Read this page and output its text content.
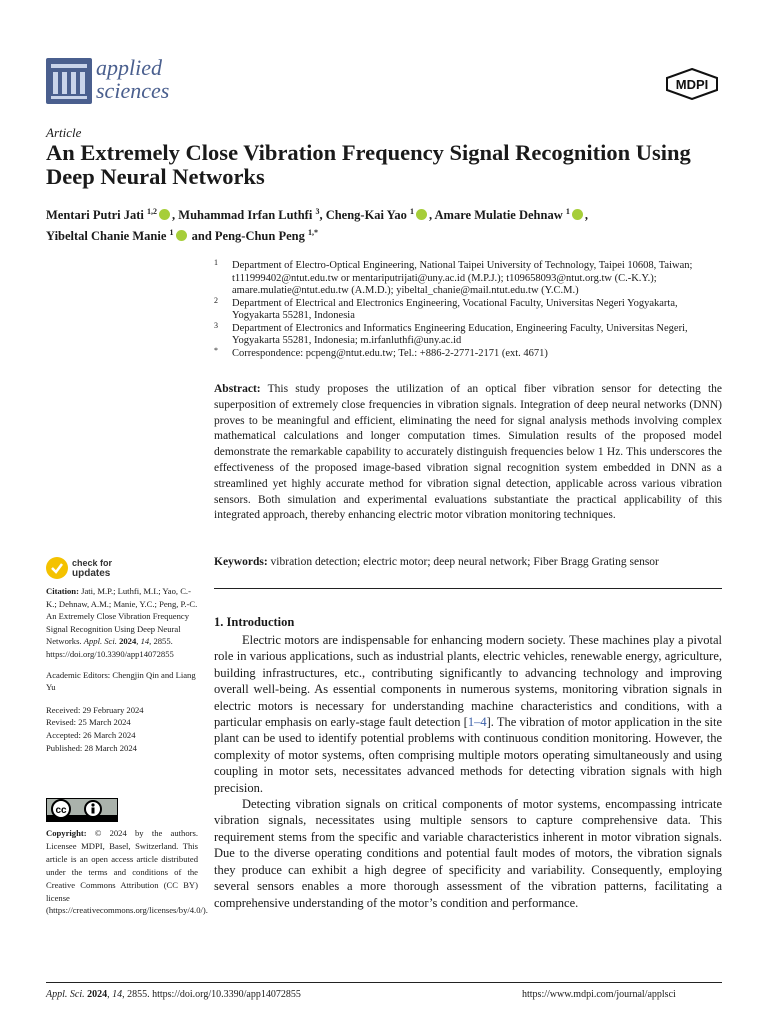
applied
sciences	MDPI
Article
An Extremely Close Vibration Frequency Signal Recognition Using Deep Neural Networks
Mentari Putri Jati $^{1,2}$ , Muhammad Irfan Luthfi $^3$, Cheng-Kai Yao $^1$ , Amare Mulatie Dehnaw $^1$ ,
Yibeltal Chanie Manie $^1$ and Peng-Chun Peng $^{1,*}$
1 Department of Electro-Optical Engineering, National Taipei University of Technology, Taipei 10608, Taiwan; t111999402@ntut.edu.tw or mentariputrijati@uny.ac.id (M.P.J.); t109658093@ntut.org.tw (C.-K.Y.); amare.mulatie@ntut.edu.tw (A.M.D.); yibeltal_chanie@mail.ntut.edu.tw (Y.C.M.)
2 Department of Electrical and Electronics Engineering, Vocational Faculty, Universitas Negeri Yogyakarta, Yogyakarta 55281, Indonesia
3 Department of Electronics and Informatics Engineering Education, Engineering Faculty, Universitas Negeri, Yogyakarta 55281, Indonesia; m.irfanluthfi@uny.ac.id
* Correspondence: pcpeng@ntut.edu.tw; Tel.: +886-2-2771-2171 (ext. 4671)

Abstract: This study proposes the utilization of an optical fiber vibration sensor for detecting the superposition of extremely close frequencies in vibration signals. Integration of deep neural networks (DNN) proves to be meaningful and efficient, eliminating the need for signal analysis methods involving complex mathematical calculations and longer computation times. Simulation results of the proposed model demonstrate the remarkable capability to accurately distinguish frequencies below 1 Hz. This underscores the effectiveness of the proposed image-based vibration signal recognition system embedded in DNN as a streamlined yet highly accurate method for vibration signal detection, applicable across various vibration sensors. Both simulation and experimental evaluations substantiate the practical applicability of this integrated approach, thereby enhancing electric motor vibration monitoring techniques.

Keywords: vibration detection; electric motor; deep neural network; Fiber Bragg Grating sensor
1. Introduction

Electric motors are indispensable for enhancing modern society. These machines play a pivotal role in various applications, such as industrial plants, electric vehicles, renewable energy, agriculture, building infrastructures, etc., contributing significantly to advancing technology and improving overall well-being. As essential components in numerous systems, monitoring vibration signals in electric motors is necessary for understanding machine characteristics and conditions, with a particular emphasis on early-stage fault detection [1–4]. The vibration of motor application in the site plant can be used to identify potential problems with continuous condition monitoring. However, the complexity of motor systems, often comprising multiple motors operating simultaneously and using coupling in motor sets, necessitates advanced methods for detecting vibration signals with high precision.

Detecting vibration signals on critical components of motor systems, encompassing intricate vibration signals, necessitates using multiple sensors to capture comprehensive data. This requirement stems from the specific and variable characteristics inherent in motor vibration signals. Due to the diverse operating conditions and potential fault modes of motors, the vibration signals they produce can exhibit a high degree of specificity and variability. Consequently, employing several sensors enables a more thorough assessment of the vibration patterns, facilitating a comprehensive understanding of the motor’s condition and performance.

check for
updates

Citation: Jati, M.P.; Luthfi, M.I.; Yao, C.-K.; Dehnaw, A.M.; Manie, Y.C.; Peng, P.-C. An Extremely Close Vibration Frequency Signal Recognition Using Deep Neural Networks. Appl. Sci. 2024, 14, 2855. https://doi.org/10.3390/app14072855

Academic Editors: Chengjin Qin and Liang Yu

Received: 29 February 2024

Revised: 25 March 2024

Accepted: 26 March 2024

Published: 28 March 2024

cc
Copyright: © 2024 by the authors. Licensee MDPI, Basel, Switzerland. This article is an open access article distributed under the terms and conditions of the Creative Commons Attribution (CC BY) license (https://creativecommons.org/licenses/by/4.0/).
Appl. Sci. 2024, 14, 2855. https://doi.org/10.3390/app14072855	https://www.mdpi.com/journal/applsci
